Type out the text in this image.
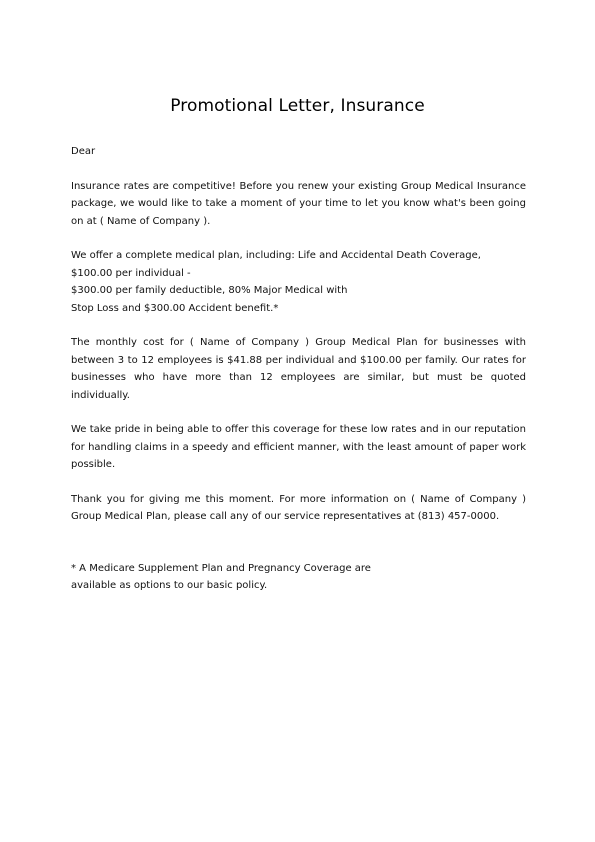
Promotional Letter, Insurance
Dear
Insurance rates are competitive! Before you renew your existing Group Medical Insurance package, we would like to take a moment of your time to let you know what's been going on at ( Name of Company ).
We offer a complete medical plan, including: Life and Accidental Death Coverage,
$100.00 per individual -
$300.00 per family deductible, 80% Major Medical with
Stop Loss and $300.00 Accident benefit.*
The monthly cost for ( Name of Company ) Group Medical Plan for businesses with between 3 to 12 employees is $41.88 per individual and $100.00 per family. Our rates for businesses who have more than 12 employees are similar, but must be quoted individually.
We take pride in being able to offer this coverage for these low rates and in our reputation for handling claims in a speedy and efficient manner, with the least amount of paper work possible.
Thank you for giving me this moment. For more information on ( Name of Company ) Group Medical Plan, please call any of our service representatives at (813) 457-0000.
* A Medicare Supplement Plan and Pregnancy Coverage are
available as options to our basic policy.
